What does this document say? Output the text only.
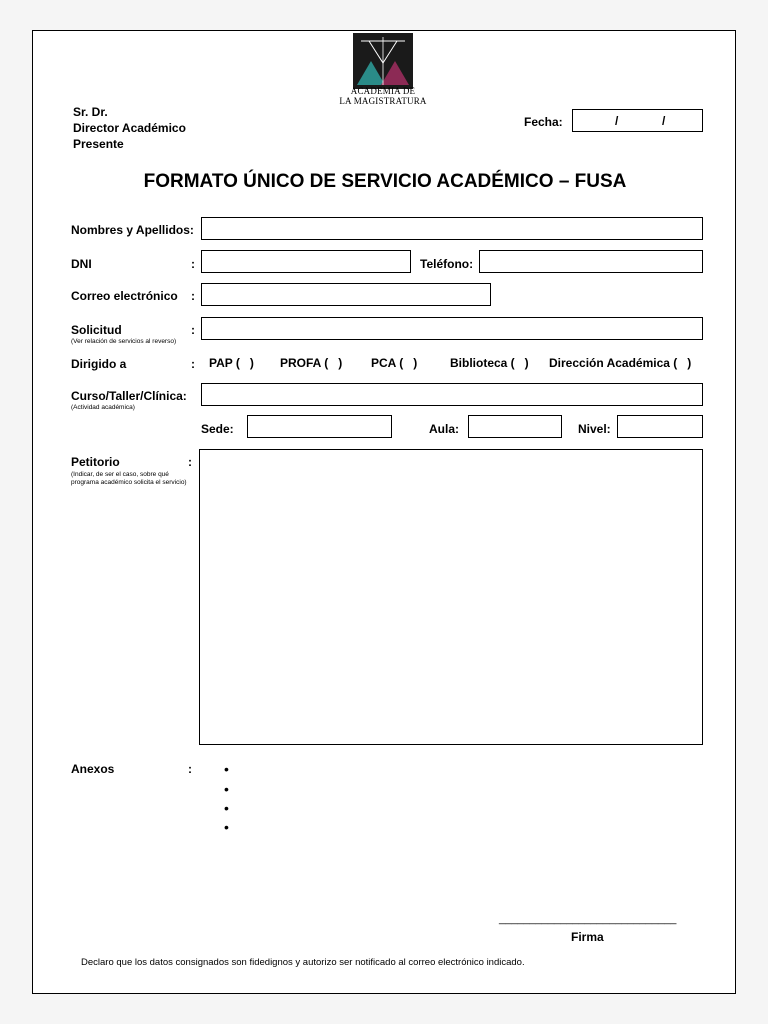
ACADEMIA DE
LA MAGISTRATURA
Sr. Dr.
Director Académico
Presente
Fecha:	/	/
FORMATO ÚNICO DE SERVICIO ACADÉMICO – FUSA
Nombres y Apellidos:
DNI	:	Teléfono:
Correo electrónico :
Solicitud
(Ver relación de servicios al reverso)
:
Dirigido a	: PAP (   ) PROFA (   ) PCA (   )	Biblioteca (   ) Dirección Académica (   )
Curso/Taller/Clínica:
(Actividad académica)
Sede:	Aula:	Nivel:
Petitorio	:
(Indicar, de ser el caso, sobre qué programa académico solicita el servicio)
Anexos	: •
•
•
•
_____________________________
Firma
Declaro que los datos consignados son fidedignos y autorizo ser notificado al correo electrónico indicado.
